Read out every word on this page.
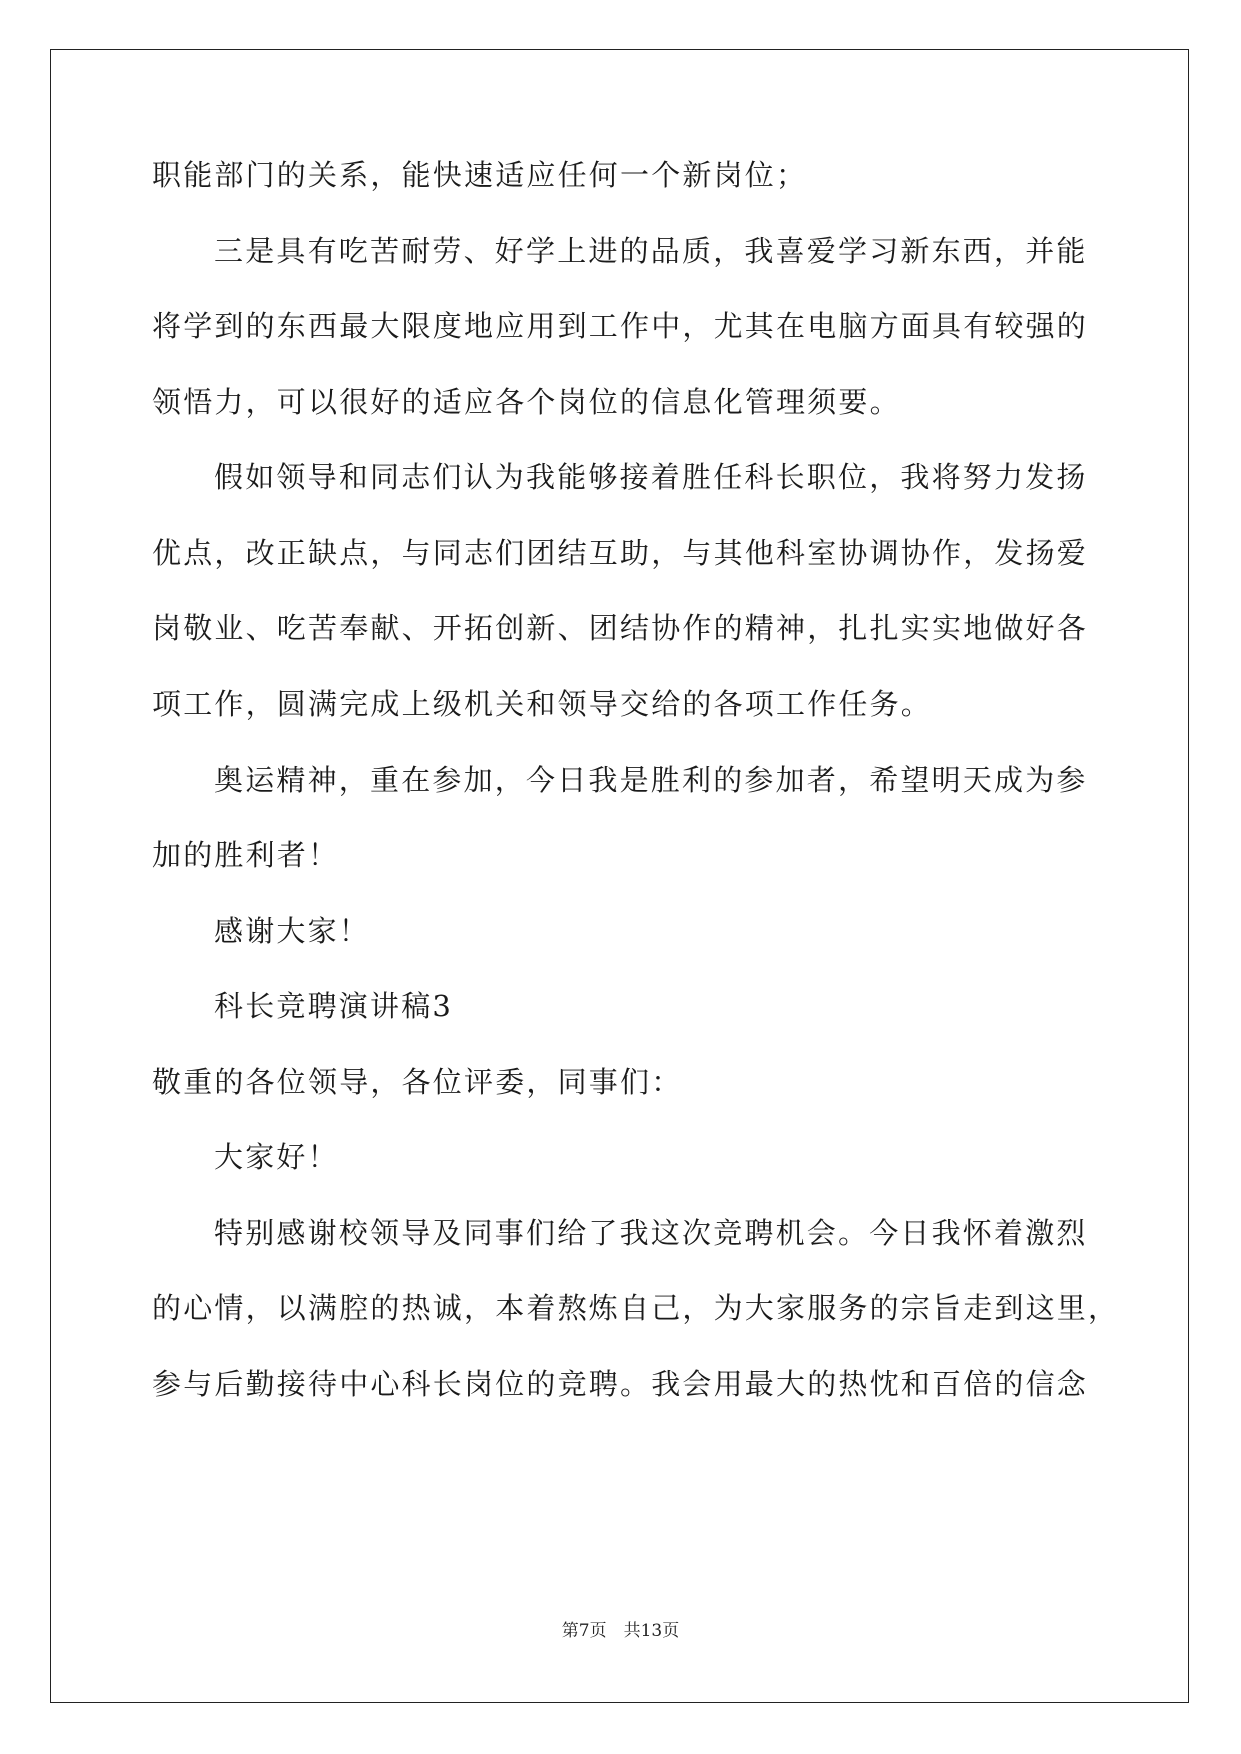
职能部门的关系，能快速适应任何一个新岗位；

三是具有吃苦耐劳、好学上进的品质，我喜爱学习新东西，并能

将学到的东西最大限度地应用到工作中，尤其在电脑方面具有较强的

领悟力，可以很好的适应各个岗位的信息化管理须要。

假如领导和同志们认为我能够接着胜任科长职位，我将努力发扬

优点，改正缺点，与同志们团结互助，与其他科室协调协作，发扬爱

岗敬业、吃苦奉献、开拓创新、团结协作的精神，扎扎实实地做好各

项工作，圆满完成上级机关和领导交给的各项工作任务。

奥运精神，重在参加，今日我是胜利的参加者，希望明天成为参

加的胜利者！

感谢大家！

科长竞聘演讲稿3

敬重的各位领导，各位评委，同事们：

大家好！

特别感谢校领导及同事们给了我这次竞聘机会。今日我怀着激烈

的心情，以满腔的热诚，本着熬炼自己，为大家服务的宗旨走到这里，

参与后勤接待中心科长岗位的竞聘。我会用最大的热忱和百倍的信念

第7页　共13页
